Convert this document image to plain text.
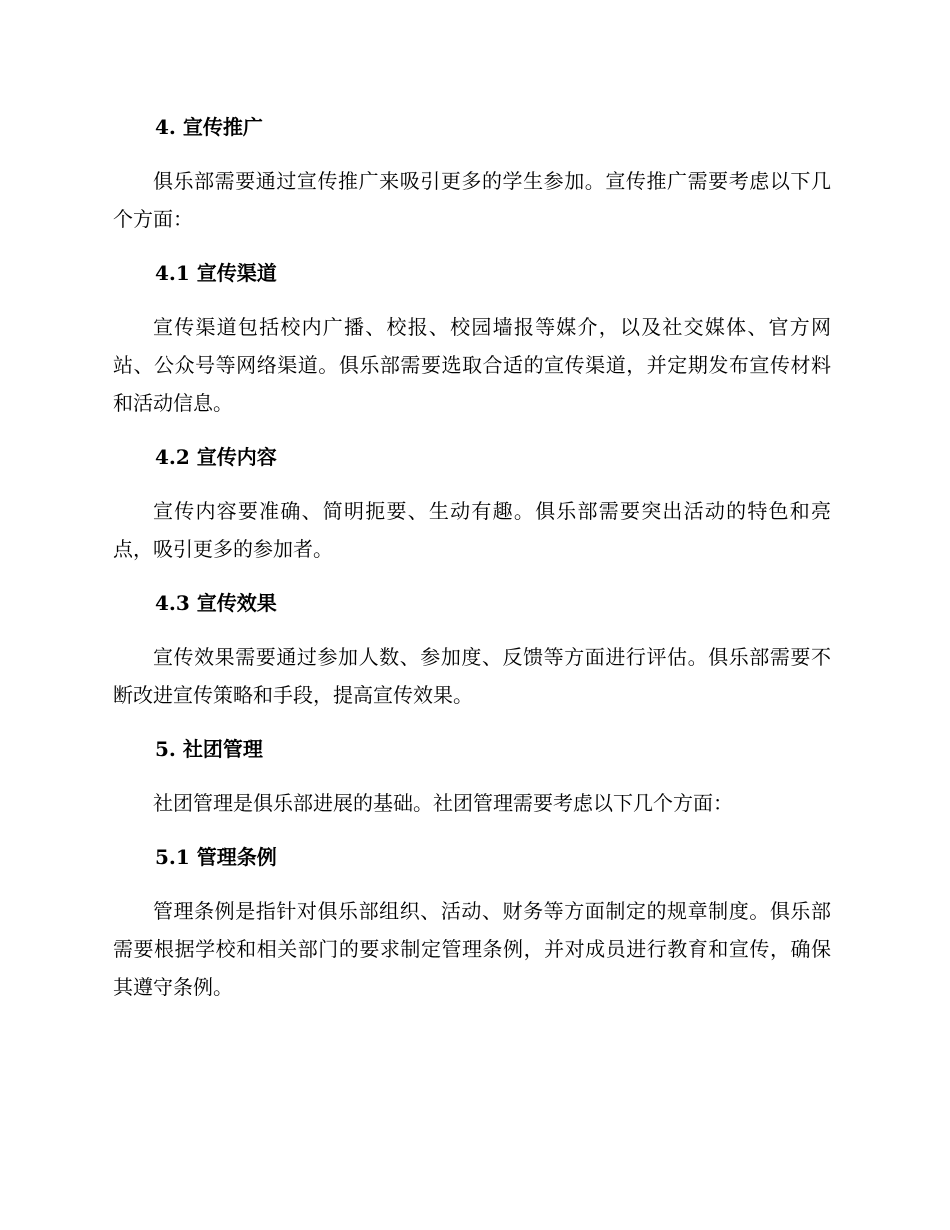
4. 宣传推广

俱乐部需要通过宣传推广来吸引更多的学生参加。宣传推广需要考虑以下几个方面：

4.1 宣传渠道

宣传渠道包括校内广播、校报、校园墙报等媒介，以及社交媒体、官方网站、公众号等网络渠道。俱乐部需要选取合适的宣传渠道，并定期发布宣传材料和活动信息。

4.2 宣传内容

宣传内容要准确、简明扼要、生动有趣。俱乐部需要突出活动的特色和亮点，吸引更多的参加者。

4.3 宣传效果

宣传效果需要通过参加人数、参加度、反馈等方面进行评估。俱乐部需要不断改进宣传策略和手段，提高宣传效果。

5. 社团管理

社团管理是俱乐部进展的基础。社团管理需要考虑以下几个方面：

5.1 管理条例

管理条例是指针对俱乐部组织、活动、财务等方面制定的规章制度。俱乐部需要根据学校和相关部门的要求制定管理条例，并对成员进行教育和宣传，确保其遵守条例。
